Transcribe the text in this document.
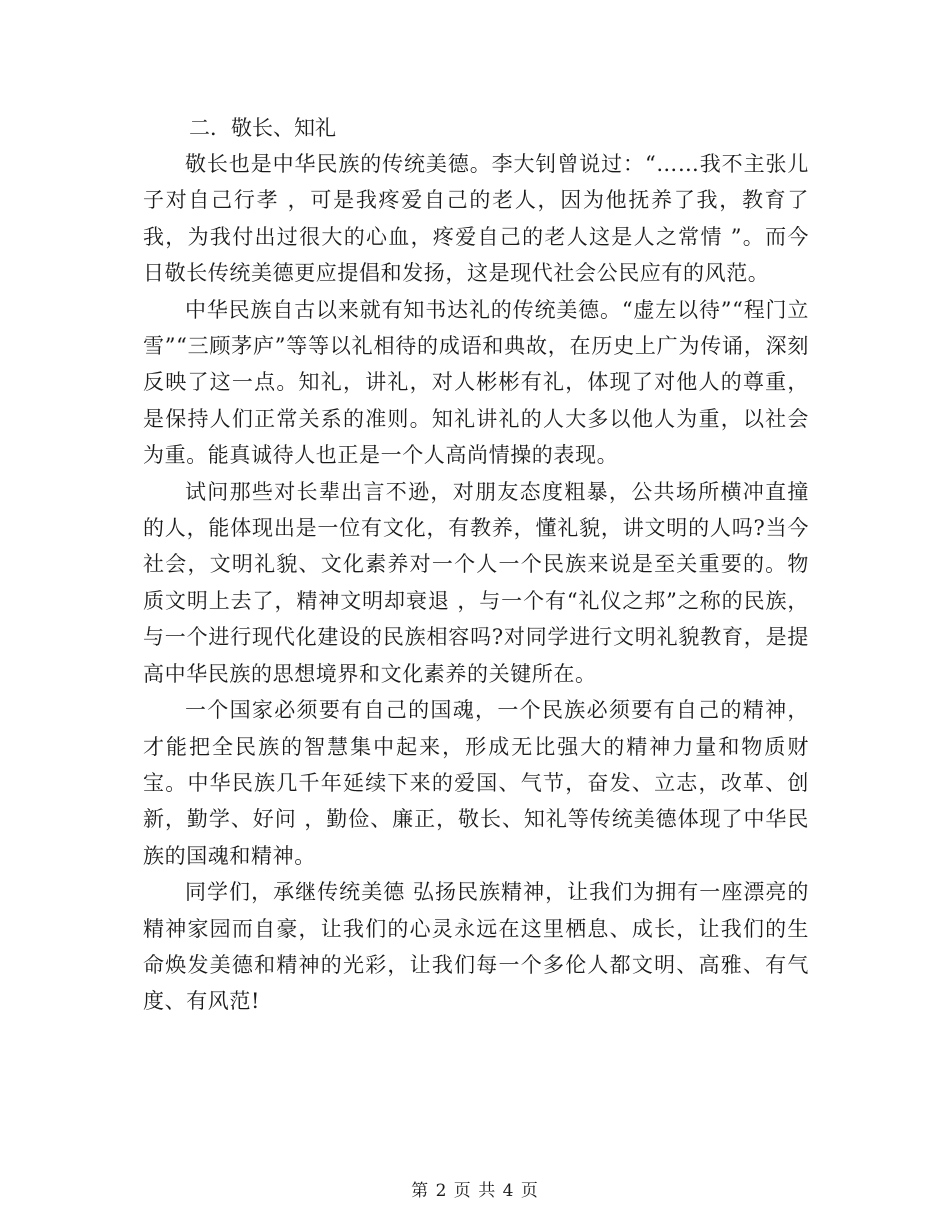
二．敬长、知礼

敬长也是中华民族的传统美德。李大钊曾说过：“……我不主张儿子对自己行孝 ，可是我疼爱自己的老人，因为他抚养了我，教育了我，为我付出过很大的心血，疼爱自己的老人这是人之常情 ”。而今日敬长传统美德更应提倡和发扬，这是现代社会公民应有的风范。

中华民族自古以来就有知书达礼的传统美德。“虚左以待”“程门立雪”“三顾茅庐”等等以礼相待的成语和典故，在历史上广为传诵，深刻反映了这一点。知礼，讲礼，对人彬彬有礼，体现了对他人的尊重，是保持人们正常关系的准则。知礼讲礼的人大多以他人为重，以社会为重。能真诚待人也正是一个人高尚情操的表现。

试问那些对长辈出言不逊，对朋友态度粗暴，公共场所横冲直撞的人，能体现出是一位有文化，有教养，懂礼貌，讲文明的人吗?当今社会，文明礼貌、文化素养对一个人一个民族来说是至关重要的。物质文明上去了，精神文明却衰退 ，与一个有“礼仪之邦”之称的民族，与一个进行现代化建设的民族相容吗?对同学进行文明礼貌教育，是提高中华民族的思想境界和文化素养的关键所在。

一个国家必须要有自己的国魂，一个民族必须要有自己的精神，才能把全民族的智慧集中起来，形成无比强大的精神力量和物质财宝。中华民族几千年延续下来的爱国、气节，奋发、立志，改革、创新，勤学、好问 ，勤俭、廉正，敬长、知礼等传统美德体现了中华民族的国魂和精神。

同学们，承继传统美德 弘扬民族精神，让我们为拥有一座漂亮的精神家园而自豪，让我们的心灵永远在这里栖息、成长，让我们的生命焕发美德和精神的光彩，让我们每一个多伦人都文明、高雅、有气度、有风范!

第 2 页 共 4 页
